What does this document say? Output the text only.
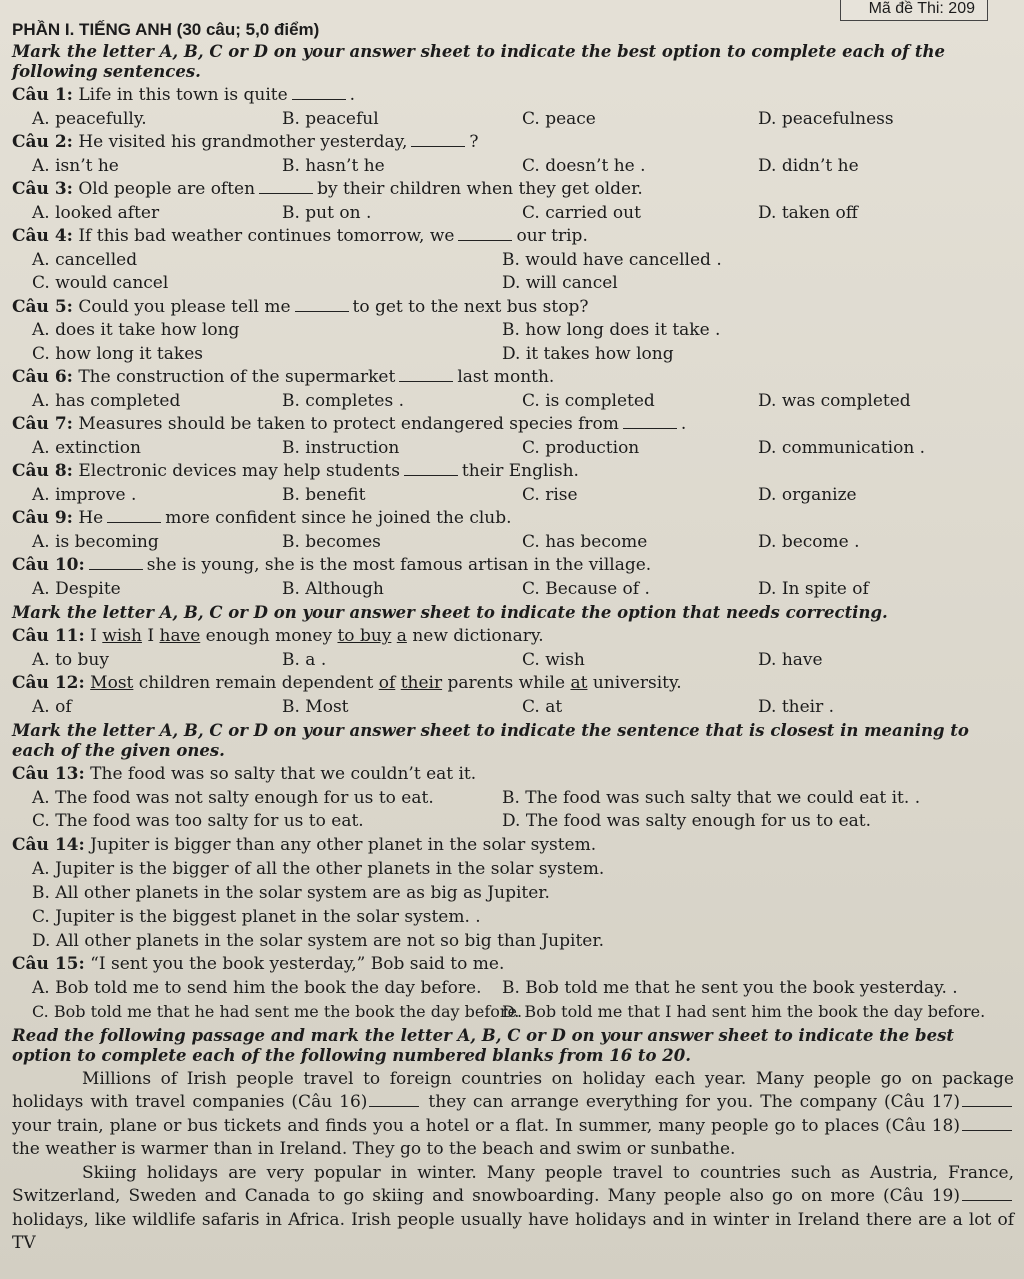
Mã đề Thi: 209
PHẦN I. TIẾNG ANH (30 câu; 5,0 điểm)
Mark the letter A, B, C or D on your answer sheet to indicate the best option to complete each of the following sentences.
Câu 1: Life in this town is quite	.
A. peacefully.	B. peaceful	C. peace	D. peacefulness
Câu 2: He visited his grandmother yesterday,	?
A. isn’t he	B. hasn’t he	C. doesn’t he .	D. didn’t he
Câu 3: Old people are often	by their children when they get older.
A. looked after	B. put on .	C. carried out	D. taken off
Câu 4: If this bad weather continues tomorrow, we	our trip.
A. cancelled	B. would have cancelled .
C. would cancel	D. will cancel
Câu 5: Could you please tell me	to get to the next bus stop?
A. does it take how long	B. how long does it take .
C. how long it takes	D. it takes how long
Câu 6: The construction of the supermarket	last month.
A. has completed	B. completes .	C. is completed	D. was completed
Câu 7: Measures should be taken to protect endangered species from	.
A. extinction	B. instruction	C. production	D. communication .
Câu 8: Electronic devices may help students	their English.
A. improve .	B. benefit	C. rise	D. organize
Câu 9: He	more confident since he joined the club.
A. is becoming	B. becomes	C. has become	D. become .
Câu 10:	she is young, she is the most famous artisan in the village.
A. Despite	B. Although	C. Because of .	D. In spite of
Mark the letter A, B, C or D on your answer sheet to indicate the option that needs correcting.
Câu 11: I wish I have enough money to buy a new dictionary.
A. to buy	B. a .	C. wish	D. have
Câu 12: Most children remain dependent of their parents while at university.
A. of	B. Most	C. at	D. their .
Mark the letter A, B, C or D on your answer sheet to indicate the sentence that is closest in meaning to each of the given ones.
Câu 13: The food was so salty that we couldn’t eat it.
A. The food was not salty enough for us to eat.	B. The food was such salty that we could eat it. .
C. The food was too salty for us to eat.	D. The food was salty enough for us to eat.
Câu 14: Jupiter is bigger than any other planet in the solar system.
A. Jupiter is the bigger of all the other planets in the solar system.
B. All other planets in the solar system are as big as Jupiter.
C. Jupiter is the biggest planet in the solar system. .
D. All other planets in the solar system are not so big than Jupiter.
Câu 15: “I sent you the book yesterday,” Bob said to me.
A. Bob told me to send him the book the day before.	B. Bob told me that he sent you the book yesterday. .
C. Bob told me that he had sent me the book the day before.
D. Bob told me that I had sent him the book the day before.
Read the following passage and mark the letter A, B, C or D on your answer sheet to indicate the best option to complete each of the following numbered blanks from 16 to 20.

Millions of Irish people travel to foreign countries on holiday each year. Many people go on package holidays with travel companies (Câu 16)	they can arrange everything for you. The company (Câu 17) your train, plane or bus tickets and finds you a hotel or a flat. In summer, many people go to places (Câu 18) the weather is warmer than in Ireland. They go to the beach and swim or sunbathe.

Skiing holidays are very popular in winter. Many people travel to countries such as Austria, France, Switzerland, Sweden and Canada to go skiing and snowboarding. Many people also go on more (Câu 19) holidays, like wildlife safaris in Africa. Irish people usually have holidays and in winter in Ireland there are a lot of TV
